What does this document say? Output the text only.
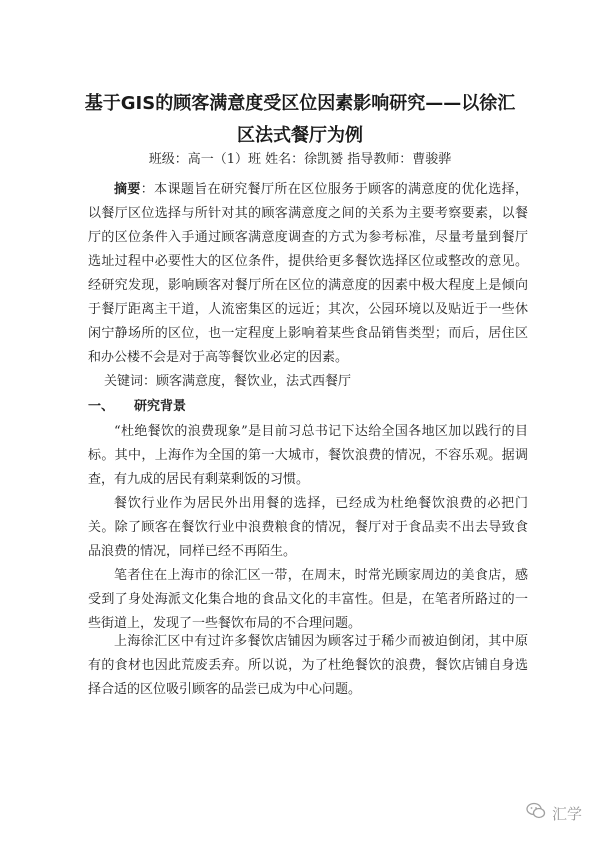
基于GIS的顾客满意度受区位因素影响研究——以徐汇区法式餐厅为例
班级：高一（1）班 姓名：徐凯赟 指导教师：曹骏骅
摘要：本课题旨在研究餐厅所在区位服务于顾客的满意度的优化选择，以餐厅区位选择与所针对其的顾客满意度之间的关系为主要考察要素，以餐厅的区位条件入手通过顾客满意度调查的方式为参考标准，尽量考量到餐厅选址过程中必要性大的区位条件，提供给更多餐饮选择区位或整改的意见。经研究发现，影响顾客对餐厅所在区位的满意度的因素中极大程度上是倾向于餐厅距离主干道，人流密集区的远近；其次，公园环境以及贴近于一些休闲宁静场所的区位，也一定程度上影响着某些食品销售类型；而后，居住区和办公楼不会是对于高等餐饮业必定的因素。
关键词：顾客满意度，餐饮业，法式西餐厅
一、 研究背景
“杜绝餐饮的浪费现象”是目前习总书记下达给全国各地区加以践行的目标。其中，上海作为全国的第一大城市，餐饮浪费的情况，不容乐观。据调查，有九成的居民有剩菜剩饭的习惯。
餐饮行业作为居民外出用餐的选择，已经成为杜绝餐饮浪费的必把门关。除了顾客在餐饮行业中浪费粮食的情况，餐厅对于食品卖不出去导致食品浪费的情况，同样已经不再陌生。
笔者住在上海市的徐汇区一带，在周末，时常光顾家周边的美食店，感受到了身处海派文化集合地的食品文化的丰富性。但是，在笔者所路过的一些街道上，发现了一些餐饮布局的不合理问题。
上海徐汇区中有过许多餐饮店铺因为顾客过于稀少而被迫倒闭，其中原有的食材也因此荒废丢弃。所以说，为了杜绝餐饮的浪费，餐饮店铺自身选择合适的区位吸引顾客的品尝已成为中心问题。
汇学
